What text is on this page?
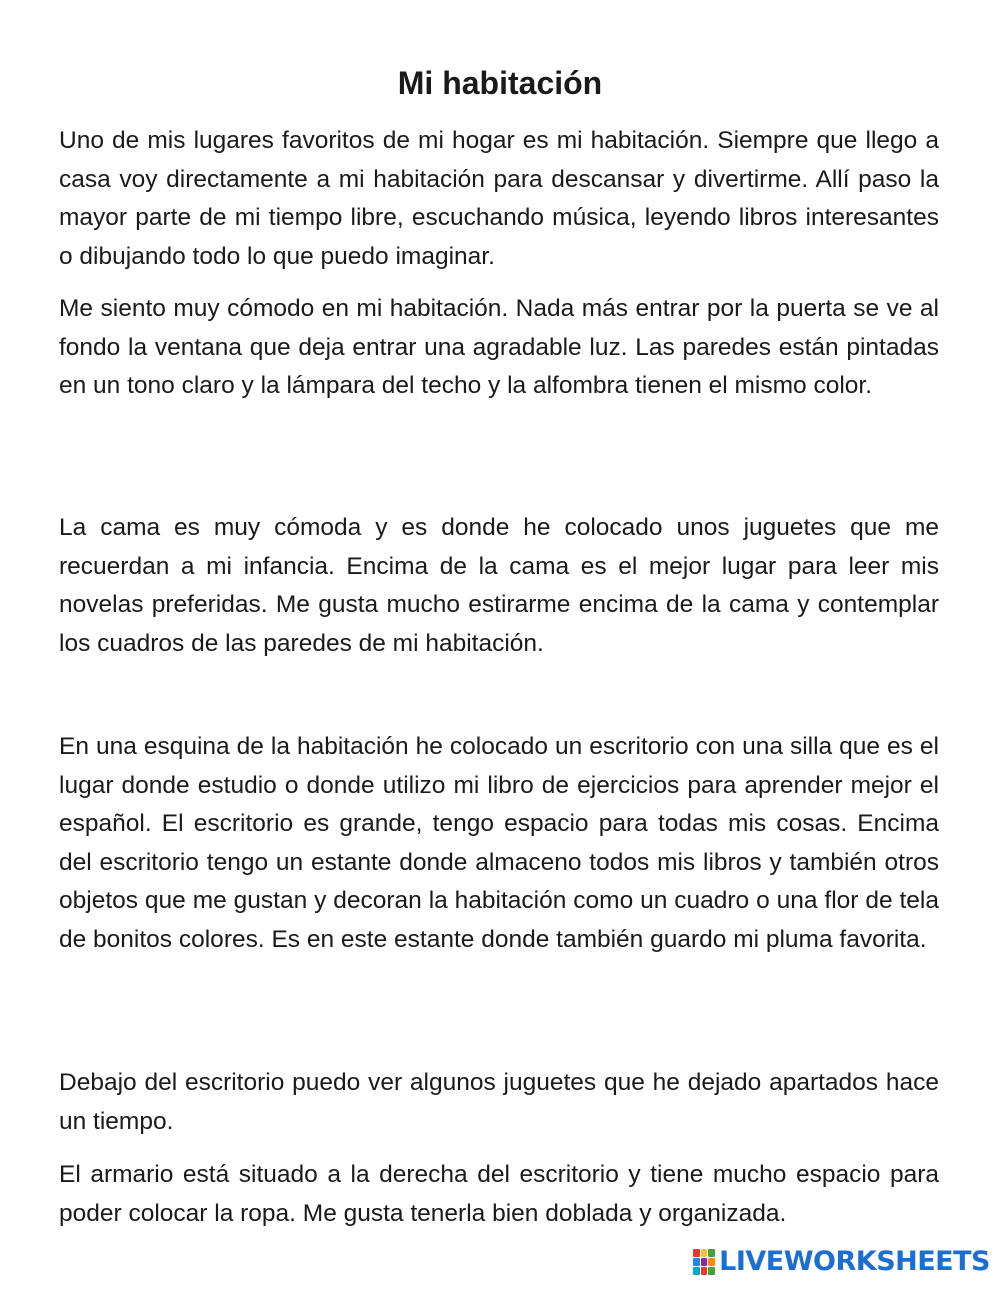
Mi habitación

Uno de mis lugares favoritos de mi hogar es mi habitación. Siempre que llego a casa voy directamente a mi habitación para descansar y divertirme. Allí paso la mayor parte de mi tiempo libre, escuchando música, leyendo libros interesantes o dibujando todo lo que puedo imaginar.

Me siento muy cómodo en mi habitación. Nada más entrar por la puerta se ve al fondo la ventana que deja entrar una agradable luz. Las paredes están pintadas en un tono claro y la lámpara del techo y la alfombra tienen el mismo color.

La cama es muy cómoda y es donde he colocado unos juguetes que me recuerdan a mi infancia. Encima de la cama es el mejor lugar para leer mis novelas preferidas. Me gusta mucho estirarme encima de la cama y contemplar los cuadros de las paredes de mi habitación.

En una esquina de la habitación he colocado un escritorio con una silla que es el lugar donde estudio o donde utilizo mi libro de ejercicios para aprender mejor el español. El escritorio es grande, tengo espacio para todas mis cosas. Encima del escritorio tengo un estante donde almaceno todos mis libros y también otros objetos que me gustan y decoran la habitación como un cuadro o una flor de tela de bonitos colores. Es en este estante donde también guardo mi pluma favorita.

Debajo del escritorio puedo ver algunos juguetes que he dejado apartados hace un tiempo.

El armario está situado a la derecha del escritorio y tiene mucho espacio para poder colocar la ropa. Me gusta tenerla bien doblada y organizada.

LIVEWORKSHEETS
